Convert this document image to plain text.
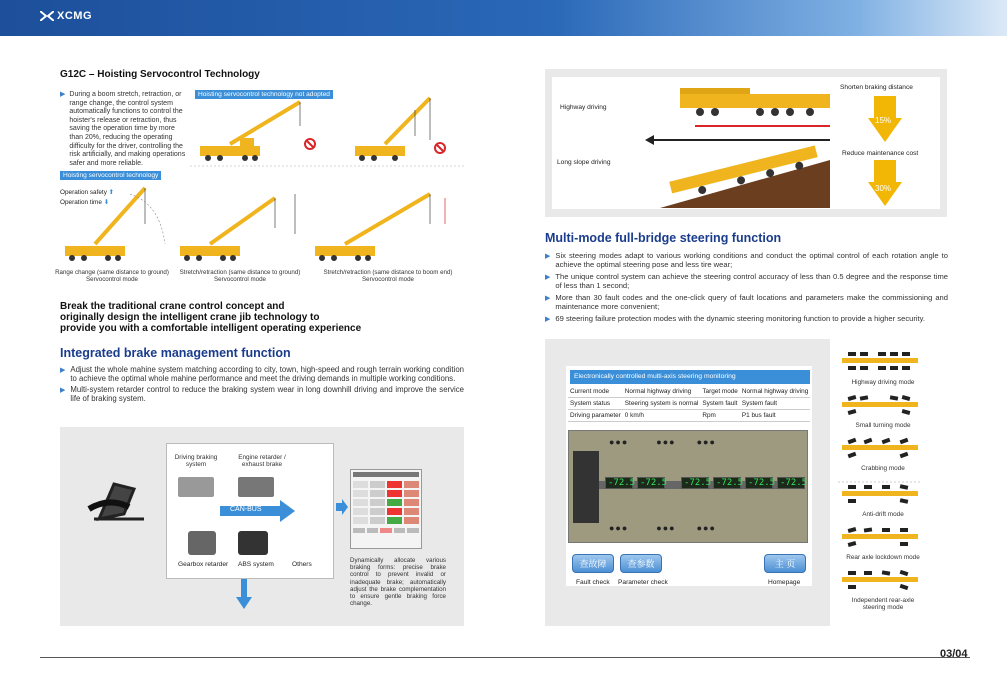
XCMG
G12C – Hoisting Servocontrol Technology
▶ During a boom stretch, retraction, or range change, the control system automatically functions to control the hoister's release or retraction, thus saving the operation time by more than 20%, reducing the operating difficulty for the driver, controlling the risk artificially, and making operations safer and more reliable.
Hoisting servocontrol technology not adopted
Hoisting servocontrol technology
Operation safety ⬆
Operation time ⬇
Range change (same distance to ground)
Servocontrol mode
Stretch/retraction (same distance to ground)
Servocontrol mode
Stretch/retraction (same distance to boom end)
Servocontrol mode
Break the traditional crane control concept and
originally design the intelligent crane jib technology to
provide you with a comfortable intelligent operating experience
Integrated brake management function
▶ Adjust the whole mahine system matching according to city, town, high-speed and rough terrain working condition to achieve the optimal whole mahine performance and meet the driving demands in multiple working conditions.
▶ Multi-system retarder control to reduce the braking system wear in long downhill driving and improve the service life of braking system.
Driving braking
system
Engine retarder /
exhaust brake
CAN-BUS
Gearbox retarder ABS system	Others
Dynamically allocate various braking forms: precise brake control to prevent invalid or inadequate brake; automatically adjust the brake complementation to ensure gentle braking force change.
Highway driving
Long slope driving
Shorten braking distance
15%
Reduce maintenance cost
30%
Multi-mode full-bridge steering function
▶ Six steering modes adapt to various working conditions and conduct the optimal control of each rotation angle to achieve the optimal steering pose and less tire wear;
▶ The unique control system can achieve the steering control accuracy of less than 0.5 degree and the response time of less than 1 second;
▶ More than 30 fault codes and the one-click query of fault locations and parameters make the commissioning and maintenance more convenient;
▶ 69 steering failure protection modes with the dynamic steering monitoring function to provide a higher security.
Electronically controlled multi-axis steering monitoring
Current mode	Normal highway driving	Target mode	Normal highway driving
System status	Steering system is normal	System fault	System fault
Driving parameter	0 km/h	Rpm	P1 bus fault
●●●        ●●●      ●●●
●●●        ●●●      ●●●
-72.5 -72.5	-72.5 -72.5 -72.5 -72.5
查故障	查参数	主 页
Fault check Parameter check	Homepage
Highway driving mode
Small turning mode
Crabbing mode
Anti-drift mode
Rear axle lockdown mode
Independent rear-axle
steering mode
03/04
